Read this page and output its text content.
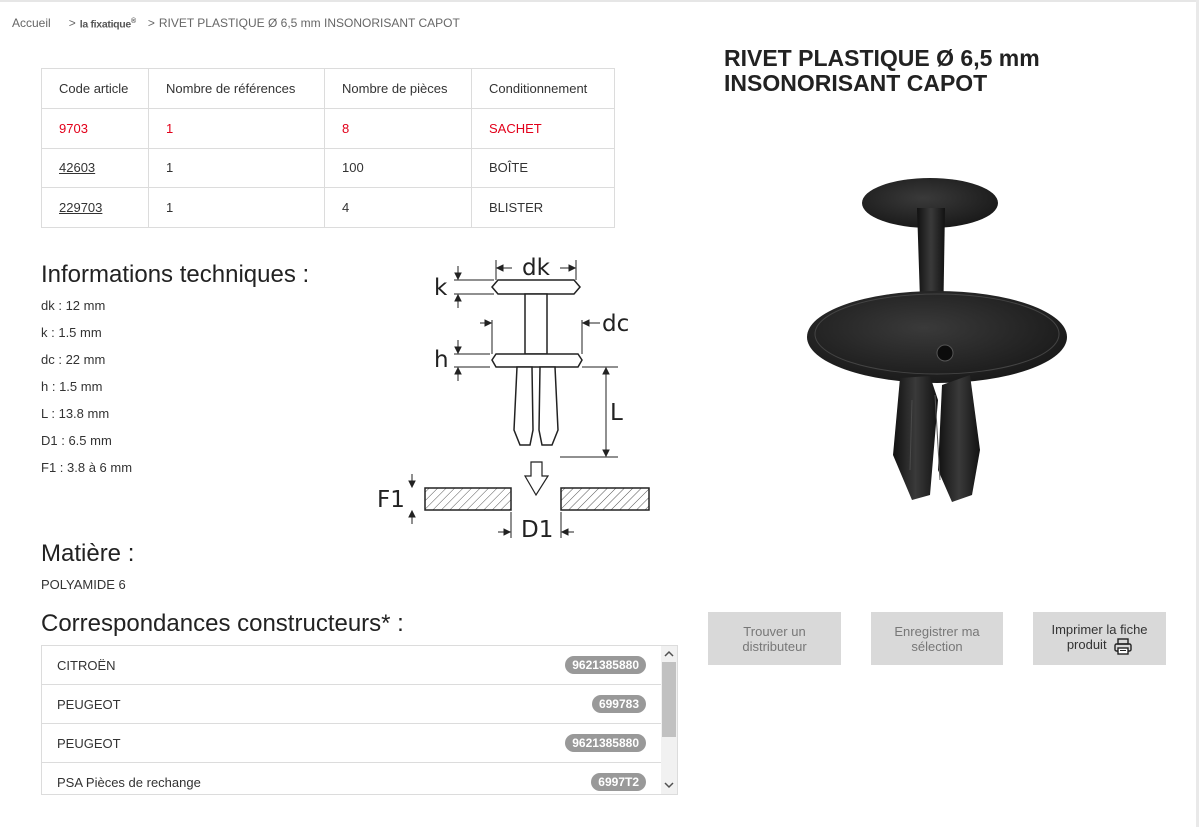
Accueil > la fixatique® > RIVET PLASTIQUE Ø 6,5 mm INSONORISANT CAPOT
Code article	Nombre de références	Nombre de pièces	Conditionnement
9703	1	8	SACHET
42603	1	100	BOÎTE
229703	1	4	BLISTER
RIVET PLASTIQUE Ø 6,5 mm
INSONORISANT CAPOT
Informations techniques :
dk : 12 mm
k : 1.5 mm
dc : 22 mm
h : 1.5 mm
L : 13.8 mm
D1 : 6.5 mm
F1 : 3.8 à 6 mm
dk
k
dc
h
L
F1
D1
Matière :
POLYAMIDE 6
Trouver un
distributeur
Enregistrer ma
sélection
Imprimer la fiche
produit
Correspondances constructeurs* :
CITROËN	9621385880
PEUGEOT	699783
PEUGEOT	9621385880
PSA Pièces de rechange	6997T2
